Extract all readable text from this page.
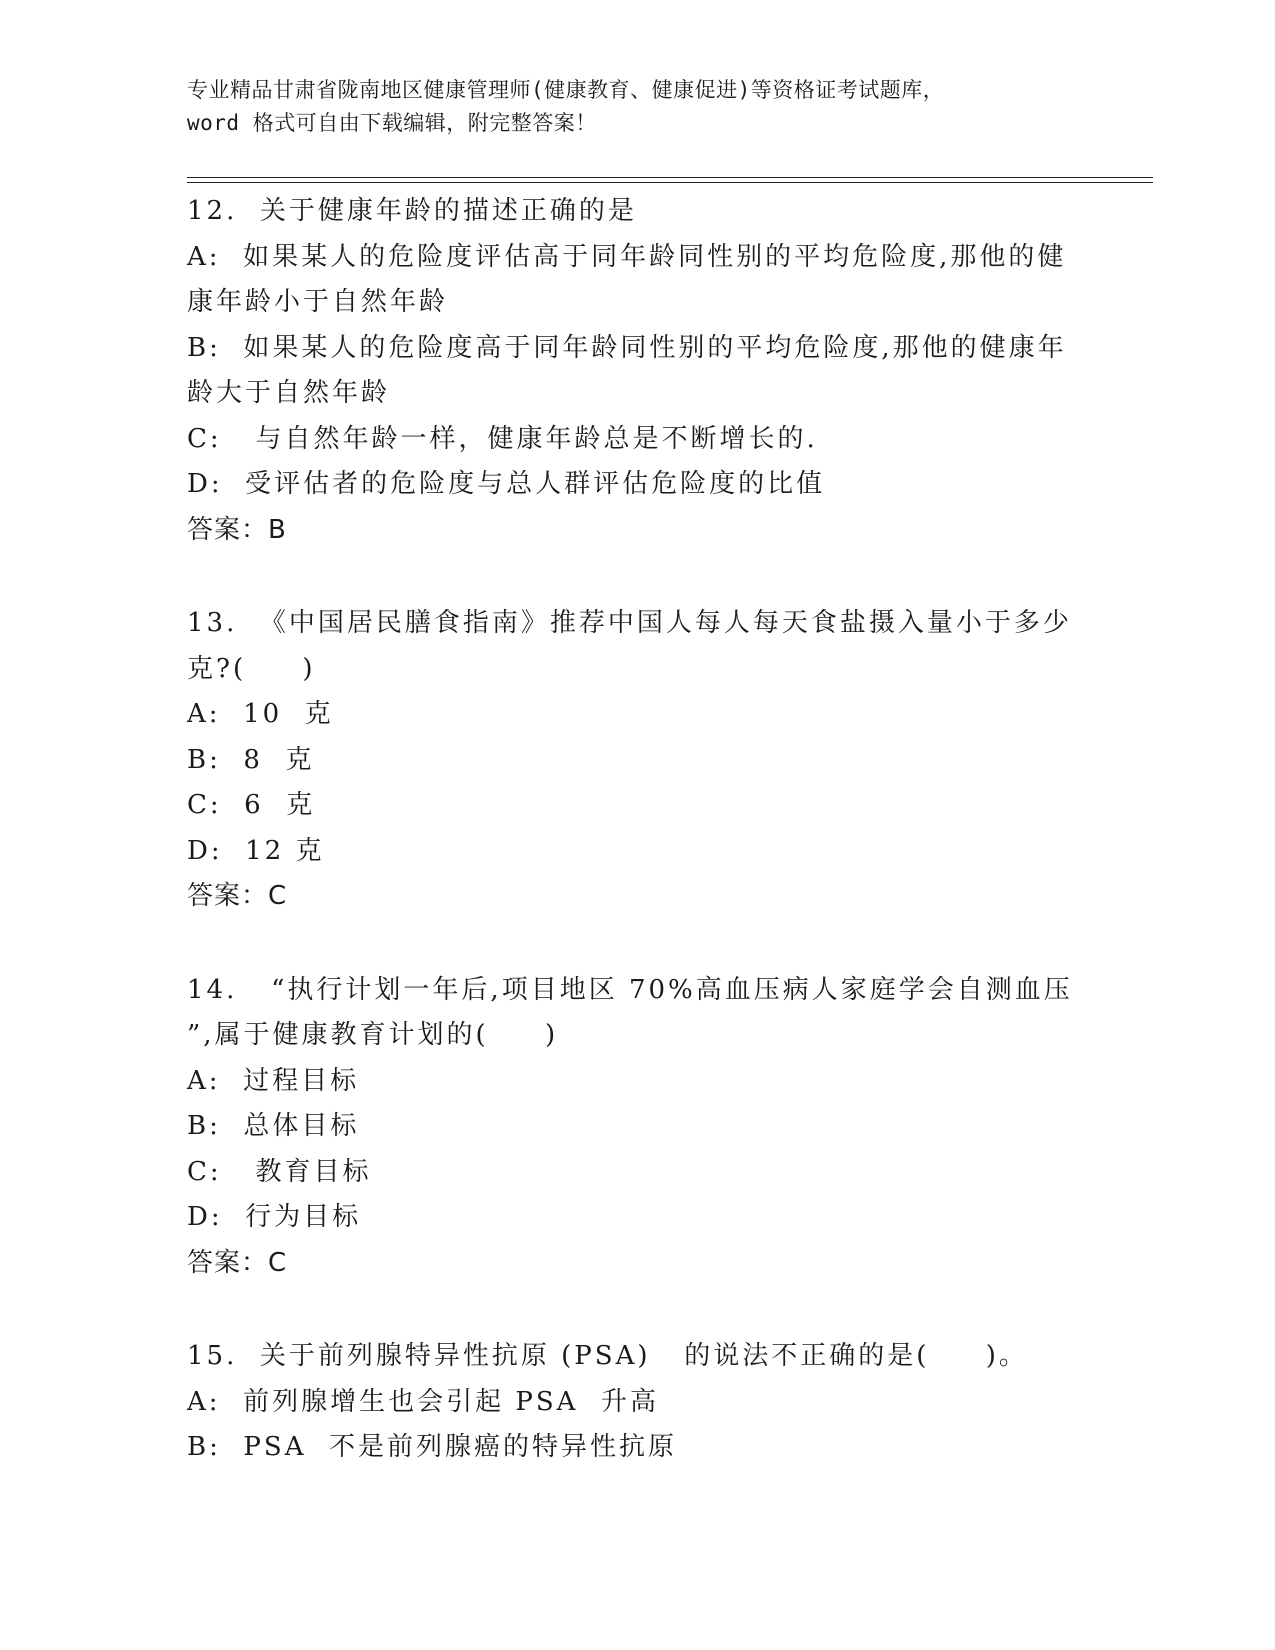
专业精品甘肃省陇南地区健康管理师(健康教育、健康促进)等资格证考试题库，
word 格式可自由下载编辑，附完整答案！
12.  关于健康年龄的描述正确的是
A:  如果某人的危险度评估高于同年龄同性别的平均危险度,那他的健
康年龄小于自然年龄
B:  如果某人的危险度高于同年龄同性别的平均危险度,那他的健康年
龄大于自然年龄
C:   与自然年龄一样，健康年龄总是不断增长的.
D:  受评估者的危险度与总人群评估危险度的比值
答案：B
13.  《中国居民膳食指南》推荐中国人每人每天食盐摄入量小于多少
克?(     )
A:  10  克
B:  8  克
C:  6  克
D:  12 克
答案：C
14.   “执行计划一年后,项目地区 70%高血压病人家庭学会自测血压
”,属于健康教育计划的(     )
A:  过程目标
B:  总体目标
C:   教育目标
D:  行为目标
答案：C
15.  关于前列腺特异性抗原 (PSA)   的说法不正确的是(     )。
A:  前列腺增生也会引起 PSA  升高
B:  PSA  不是前列腺癌的特异性抗原
